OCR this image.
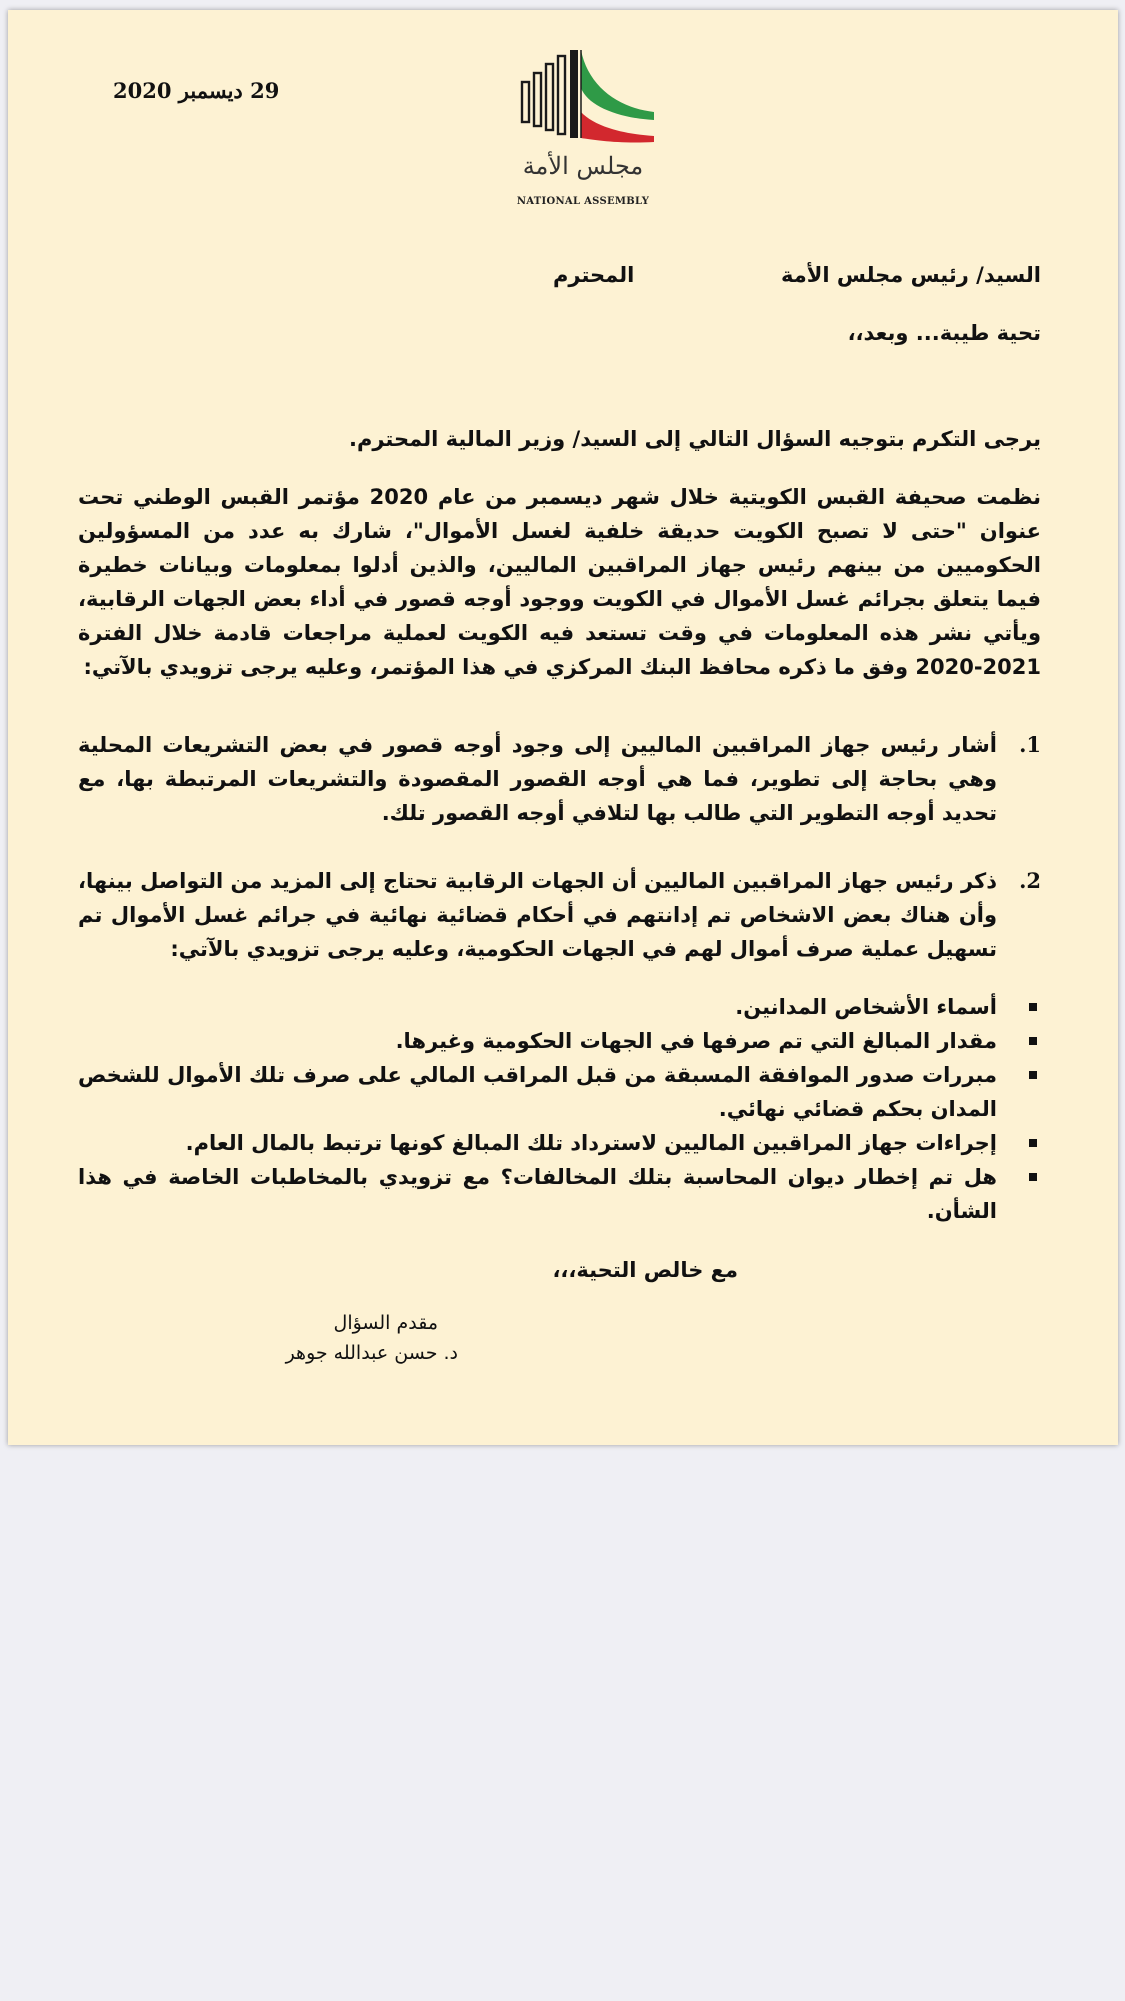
29 ديسمبر 2020
مجلس الأمة
NATIONAL ASSEMBLY
السيد/ رئيس مجلس الأمة
المحترم

تحية طيبة... وبعد،،

يرجى التكرم بتوجيه السؤال التالي إلى السيد/ وزير المالية المحترم.

نظمت صحيفة القبس الكويتية خلال شهر ديسمبر من عام 2020 مؤتمر القبس الوطني تحت عنوان "حتى لا تصبح الكويت حديقة خلفية لغسل الأموال"، شارك به عدد من المسؤولين الحكوميين من بينهم رئيس جهاز المراقبين الماليين، والذين أدلوا بمعلومات وبيانات خطيرة فيما يتعلق بجرائم غسل الأموال في الكويت ووجود أوجه قصور في أداء بعض الجهات الرقابية، ويأتي نشر هذه المعلومات في وقت تستعد فيه الكويت لعملية مراجعات قادمة خلال الفترة 2021-2020 وفق ما ذكره محافظ البنك المركزي في هذا المؤتمر، وعليه يرجى تزويدي بالآتي:

1.
أشار رئيس جهاز المراقبين الماليين إلى وجود أوجه قصور في بعض التشريعات المحلية وهي بحاجة إلى تطوير، فما هي أوجه القصور المقصودة والتشريعات المرتبطة بها، مع تحديد أوجه التطوير التي طالب بها لتلافي أوجه القصور تلك.
2.
ذكر رئيس جهاز المراقبين الماليين أن الجهات الرقابية تحتاج إلى المزيد من التواصل بينها، وأن هناك بعض الاشخاص تم إدانتهم في أحكام قضائية نهائية في جرائم غسل الأموال تم تسهيل عملية صرف أموال لهم في الجهات الحكومية، وعليه يرجى تزويدي بالآتي:
أسماء الأشخاص المدانين.
مقدار المبالغ التي تم صرفها في الجهات الحكومية وغيرها.
مبررات صدور الموافقة المسبقة من قبل المراقب المالي على صرف تلك الأموال للشخص المدان بحكم قضائي نهائي.
إجراءات جهاز المراقبين الماليين لاسترداد تلك المبالغ كونها ترتبط بالمال العام.
هل تم إخطار ديوان المحاسبة بتلك المخالفات؟ مع تزويدي بالمخاطبات الخاصة في هذا الشأن.

مع خالص التحية،،،

مقدم السؤال

د. حسن عبدالله جوهر
